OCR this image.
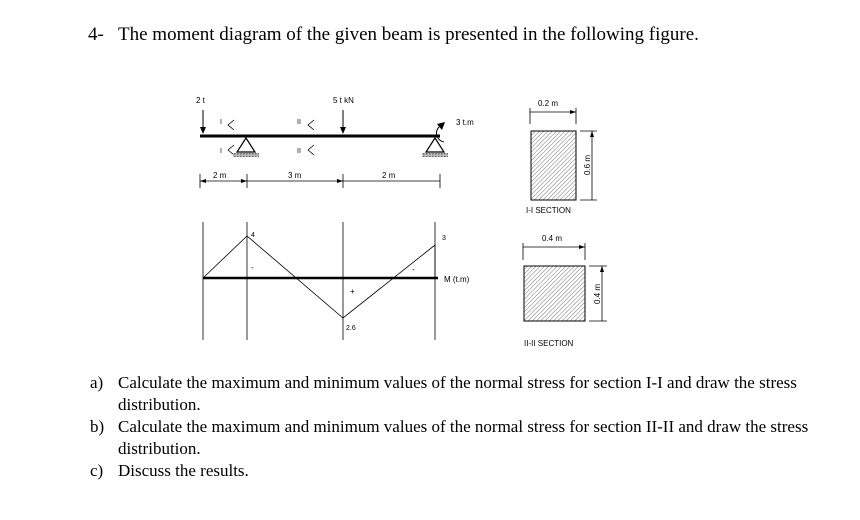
4- The moment diagram of the given beam is presented in the following figure.
2 t	5 t kN
3 t.m
I
I
II
II
2 m	3 m	2 m
4
2.6
3
-	-
+
M (t.m)
0.2 m
0.6 m
I-I SECTION
0.4 m
0.4 m
II-II SECTION
a) Calculate the maximum and minimum values of the normal stress for section I-I and draw the stress distribution.
b) Calculate the maximum and minimum values of the normal stress for section II-II and draw the stress distribution.
c) Discuss the results.
